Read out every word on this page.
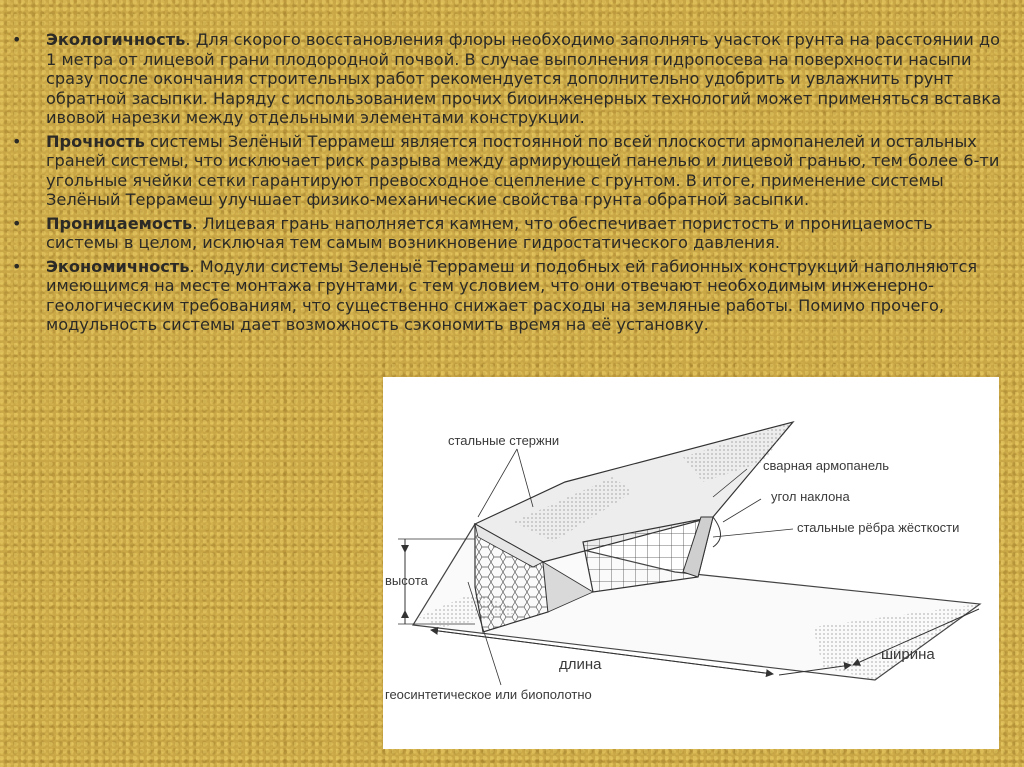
•	Экологичность. Для скорого восстановления флоры необходимо заполнять участок грунта на расстоянии до 1 метра от лицевой грани плодородной почвой. В случае выполнения гидропосева на поверхности насыпи сразу после окончания строительных работ рекомендуется дополнительно удобрить и увлажнить грунт обратной засыпки. Наряду с использованием прочих биоинженерных технологий может применяться вставка ивовой нарезки между отдельными элементами конструкции.
•	Прочность системы Зелёный Террамеш является постоянной по всей плоскости армопанелей и остальных граней системы, что исключает риск разрыва между армирующей панелью и лицевой гранью, тем более 6-ти угольные ячейки сетки гарантируют превосходное сцепление с грунтом. В итоге, применение системы Зелёный Террамеш улучшает физико-механические свойства грунта обратной засыпки.
•	Проницаемость. Лицевая грань наполняется камнем, что обеспечивает пористость и проницаемость системы в целом, исключая тем самым возникновение гидростатического давления.
•	Экономичность. Модули системы Зеленыё Террамеш и подобных ей габионных конструкций наполняются имеющимся на месте монтажа грунтами, с тем условием, что они отвечают необходимым инженерно-геологическим требованиям, что существенно снижает расходы на земляные работы. Помимо прочего, модульность системы дает возможность сэкономить время на её установку.
стальные стержни
сварная армопанель
угол наклона
стальные рёбра жёсткости
высота
длина
ширина
геосинтетическое или биополотно
